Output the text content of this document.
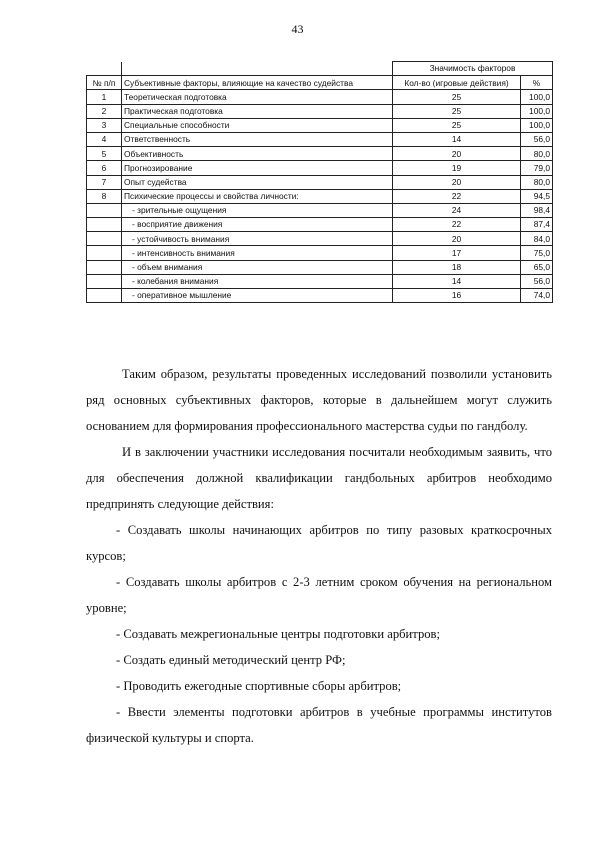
43
		Значимость факторов	
№ п/п	Субъективные факторы, влияющие на качество судейства	Кол-во (игровые действия)	%
1	Теоретическая подготовка	25	100,0
2	Практическая подготовка	25	100,0
3	Специальные способности	25	100,0
4	Ответственность	14	56,0
5	Объективность	20	80,0
6	Прогнозирование	19	79,0
7	Опыт судейства	20	80,0
8	Психические процессы и свойства личности:	22	94,5
	- зрительные ощущения	24	98,4
	- восприятие движения	22	87,4
	- устойчивость внимания	20	84,0
	- интенсивность внимания	17	75,0
	- объем внимания	18	65,0
	- колебания внимания	14	56,0
	- оперативное мышление	16	74,0

Таким образом, результаты проведенных исследований позволили установить ряд основных субъективных факторов, которые в дальнейшем могут служить основанием для формирования профессионального мастерства судьи по гандболу.

И в заключении участники исследования посчитали необходимым заявить, что для обеспечения должной квалификации гандбольных арбитров необходимо предпринять следующие действия:

- Создавать школы начинающих арбитров по типу разовых краткосрочных курсов;

- Создавать школы арбитров с 2-3 летним сроком обучения на региональном уровне;

- Создавать межрегиональные центры подготовки арбитров;

- Создать единый методический центр РФ;

- Проводить ежегодные спортивные сборы арбитров;

- Ввести элементы подготовки арбитров в учебные программы институтов физической культуры и спорта.
